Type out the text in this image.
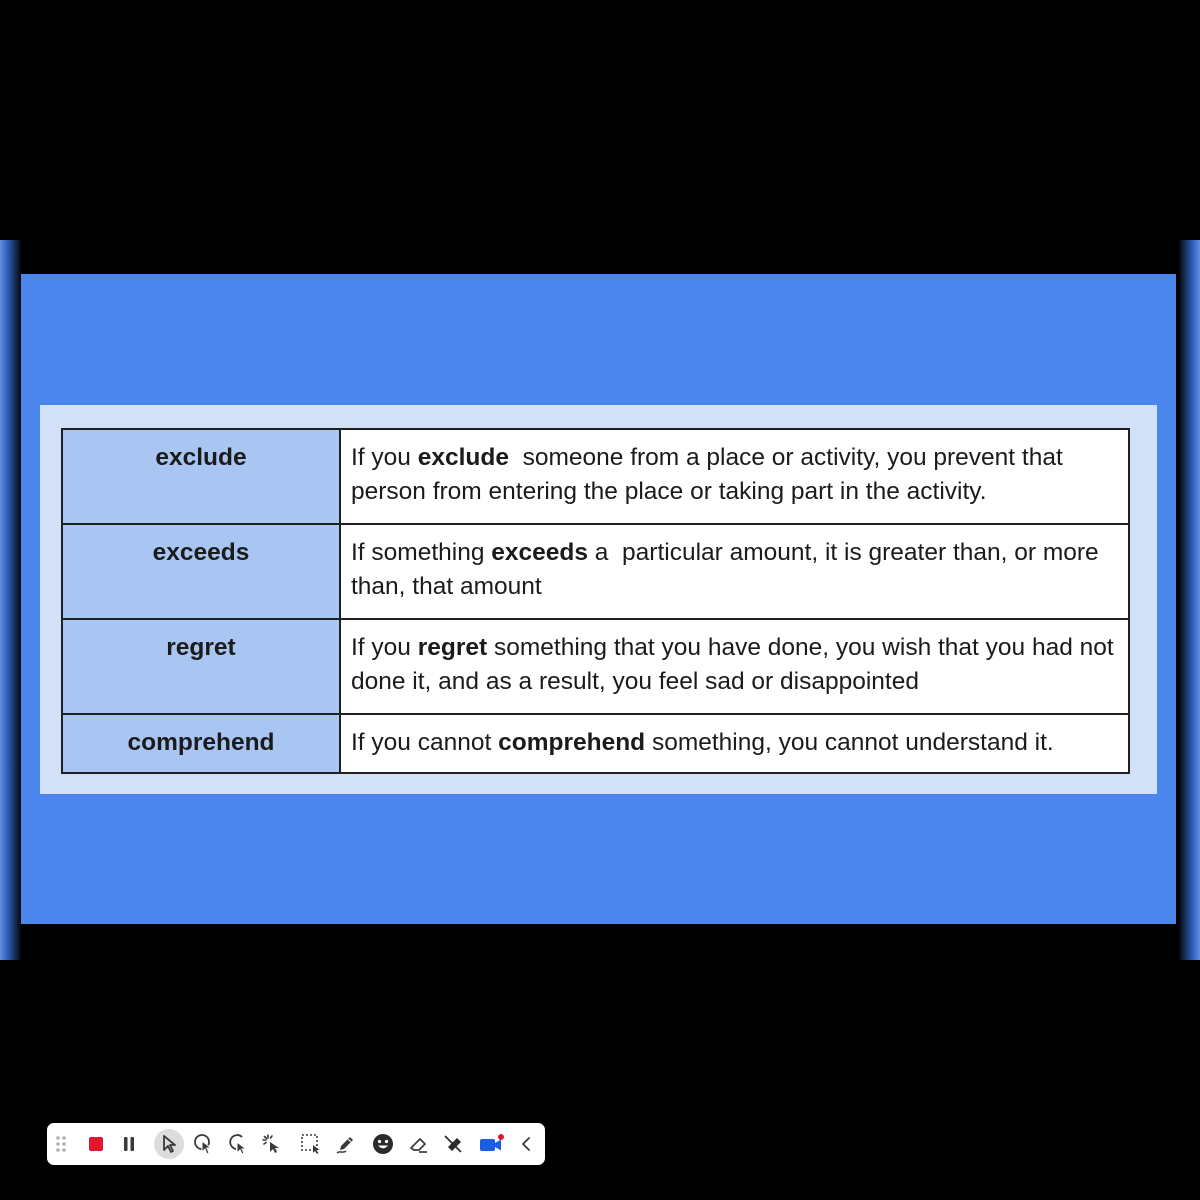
exclude	If you exclude  someone from a place or activity, you prevent that person from entering the place or taking part in the activity.
exceeds	If something exceeds a  particular amount, it is greater than, or more than, that amount
regret	If you regret something that you have done, you wish that you had not done it, and as a result, you feel sad or disappointed
comprehend	If you cannot comprehend something, you cannot understand it.
